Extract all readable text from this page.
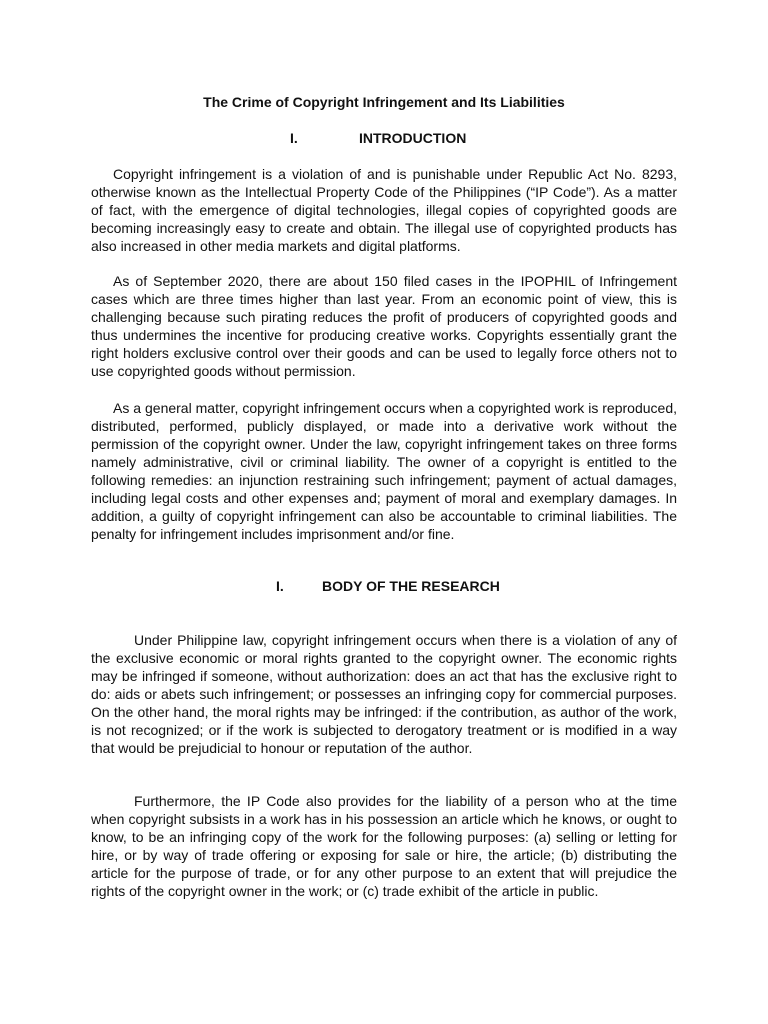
The Crime of Copyright Infringement and Its Liabilities
I.	INTRODUCTION

Copyright infringement is a violation of and is punishable under Republic Act No. 8293, otherwise known as the Intellectual Property Code of the Philippines (“IP Code”). As a matter of fact, with the emergence of digital technologies, illegal copies of copyrighted goods are becoming increasingly easy to create and obtain. The illegal use of copyrighted products has also increased in other media markets and digital platforms.

As of September 2020, there are about 150 filed cases in the IPOPHIL of Infringement cases which are three times higher than last year. From an economic point of view, this is challenging because such pirating reduces the profit of producers of copyrighted goods and thus undermines the incentive for producing creative works. Copyrights essentially grant the right holders exclusive control over their goods and can be used to legally force others not to use copyrighted goods without permission.

As a general matter, copyright infringement occurs when a copyrighted work is reproduced, distributed, performed, publicly displayed, or made into a derivative work without the permission of the copyright owner. Under the law, copyright infringement takes on three forms namely administrative, civil or criminal liability. The owner of a copyright is entitled to the following remedies: an injunction restraining such infringement; payment of actual damages, including legal costs and other expenses and; payment of moral and exemplary damages. In addition, a guilty of copyright infringement can also be accountable to criminal liabilities. The penalty for infringement includes imprisonment and/or fine.

I.	BODY OF THE RESEARCH

Under Philippine law, copyright infringement occurs when there is a violation of any of the exclusive economic or moral rights granted to the copyright owner. The economic rights may be infringed if someone, without authorization: does an act that has the exclusive right to do: aids or abets such infringement; or possesses an infringing copy for commercial purposes. On the other hand, the moral rights may be infringed: if the contribution, as author of the work, is not recognized; or if the work is subjected to derogatory treatment or is modified in a way that would be prejudicial to honour or reputation of the author.

Furthermore, the IP Code also provides for the liability of a person who at the time when copyright subsists in a work has in his possession an article which he knows, or ought to know, to be an infringing copy of the work for the following purposes: (a) selling or letting for hire, or by way of trade offering or exposing for sale or hire, the article; (b) distributing the article for the purpose of trade, or for any other purpose to an extent that will prejudice the rights of the copyright owner in the work; or (c) trade exhibit of the article in public.
